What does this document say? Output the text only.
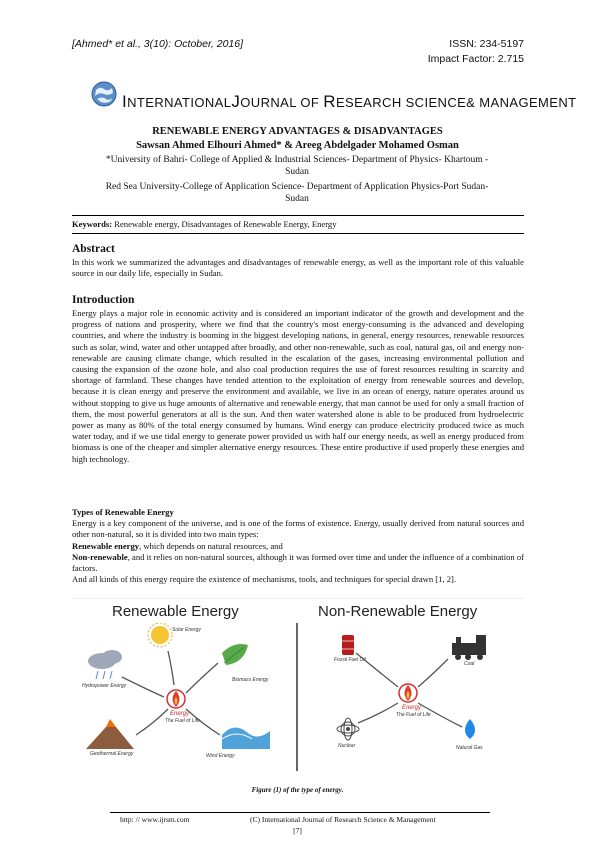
[Ahmed* et al., 3(10): October, 2016]	ISSN: 234-5197
Impact Factor: 2.715
INTERNATIONALJOURNAL OF RESEARCH SCIENCE& MANAGEMENT
RENEWABLE ENERGY ADVANTAGES & DISADVANTAGES
Sawsan Ahmed Elhouri Ahmed* & Areeg Abdelgader Mohamed Osman
*University of Bahri- College of Applied & Industrial Sciences- Department of Physics- Khartoum -
Sudan
Red Sea University-College of Application Science- Department of Application Physics-Port Sudan-
Sudan
Keywords: Renewable energy, Disadvantages of Renewable Energy, Energy
Abstract
In this work we summarized the advantages and disadvantages of renewable energy, as well as the important role of this valuable source in our daily life, especially in Sudan.
Introduction
Energy plays a major role in economic activity and is considered an important indicator of the growth and development and the progress of nations and prosperity, where we find that the country's most energy-consuming is the advanced and developing countries, and where the industry is booming in the biggest developing nations, in general, energy resources, renewable resources such as solar, wind, water and other untapped after broadly, and other non-renewable, such as coal, natural gas, oil and energy non-renewable are causing climate change, which resulted in the escalation of the gases, increasing environmental pollution and causing the expansion of the ozone hole, and also coal production requires the use of forest resources resulting in scarcity and shortage of farmland. These changes have tended attention to the exploitation of energy from renewable sources and develop, because it is clean energy and preserve the environment and available, we live in an ocean of energy, nature operates around us without stopping to give us huge amounts of alternative and renewable energy, that man cannot be used for only a small fraction of them, the most powerful generators at all is the sun. And then water watershed alone is able to be produced from hydroelectric power as many as 80% of the total energy consumed by humans. Wind energy can produce electricity produced twice as much water today, and if we use tidal energy to generate power provided us with half our energy needs, as well as energy produced from biomass is one of the cheaper and simpler alternative energy resources. These entire productive if used properly these energies and high technology.
Types of Renewable Energy
Energy is a key component of the universe, and is one of the forms of existence. Energy, usually derived from natural sources and other non-natural, so it is divided into two main types:
Renewable energy, which depends on natural resources, and
Non-renewable, and it relies on non-natural sources, although it was formed over time and under the influence of a combination of factors.
And all kinds of this energy require the existence of mechanisms, tools, and techniques for special drawn [1, 2].
Renewable Energy	Non-Renewable Energy
Solar Energy
Biomass Energy
Hydropower Energy
Energy
The Fuel of Life
Geothermal Energy	Wind Energy
Fossil Fuel Oil
Coal
Energy
The Fuel of Life
Nuclear	Natural Gas
Figure (1) of the type of energy.
http: // www.ijrsm.com	(C) International Journal of Research Science & Management
[7]
